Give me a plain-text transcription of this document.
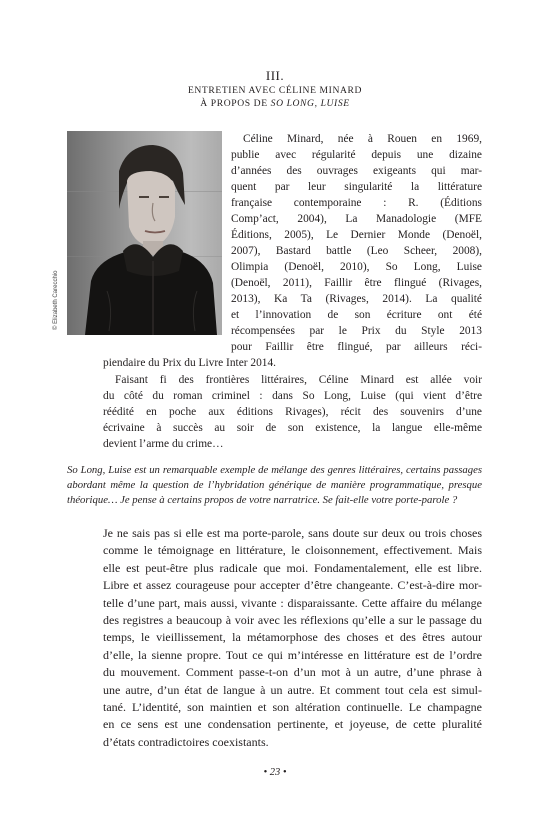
III.
ENTRETIEN AVEC CÉLINE MINARD
À PROPOS DE SO LONG, LUISE
© Elizabeth Carecchio
Céline Minard, née à Rouen en 1969,
publie avec régularité depuis une dizaine
d’années des ouvrages exigeants qui mar-
quent par leur singularité la littérature
française contemporaine : R. (Éditions
Comp’act, 2004), La Manadologie (MFE
Éditions, 2005), Le Dernier Monde (Denoël,
2007), Bastard battle (Leo Scheer, 2008),
Olimpia (Denoël, 2010), So Long, Luise
(Denoël, 2011), Faillir être flingué (Rivages,
2013), Ka Ta (Rivages, 2014). La qualité
et l’innovation de son écriture ont été
récompensées par le Prix du Style 2013
pour Faillir être flingué, par ailleurs réci-
piendaire du Prix du Livre Inter 2014.
Faisant fi des frontières littéraires, Céline Minard est allée voir
du côté du roman criminel : dans So Long, Luise (qui vient d’être
réédité en poche aux éditions Rivages), récit des souvenirs d’une
écrivaine à succès au soir de son existence, la langue elle-même
devient l’arme du crime…
So Long, Luise est un remarquable exemple de mélange des genres littéraires, certains passages
abordant même la question de l’hybridation générique de manière programmatique, presque
théorique… Je pense à certains propos de votre narratrice. Se fait-elle votre porte-parole ?
Je ne sais pas si elle est ma porte-parole, sans doute sur deux ou trois choses
comme le témoignage en littérature, le cloisonnement, effectivement. Mais
elle est peut-être plus radicale que moi. Fondamentalement, elle est libre.
Libre et assez courageuse pour accepter d’être changeante. C’est-à-dire mor-
telle d’une part, mais aussi, vivante : disparaissante. Cette affaire du mélange
des registres a beaucoup à voir avec les réflexions qu’elle a sur le passage du
temps, le vieillissement, la métamorphose des choses et des êtres autour
d’elle, la sienne propre. Tout ce qui m’intéresse en littérature est de l’ordre
du mouvement. Comment passe-t-on d’un mot à un autre, d’une phrase à
une autre, d’un état de langue à un autre. Et comment tout cela est simul-
tané. L’identité, son maintien et son altération continuelle. Le champagne
en ce sens est une condensation pertinente, et joyeuse, de cette pluralité
d’états contradictoires coexistants.
• 23 •
